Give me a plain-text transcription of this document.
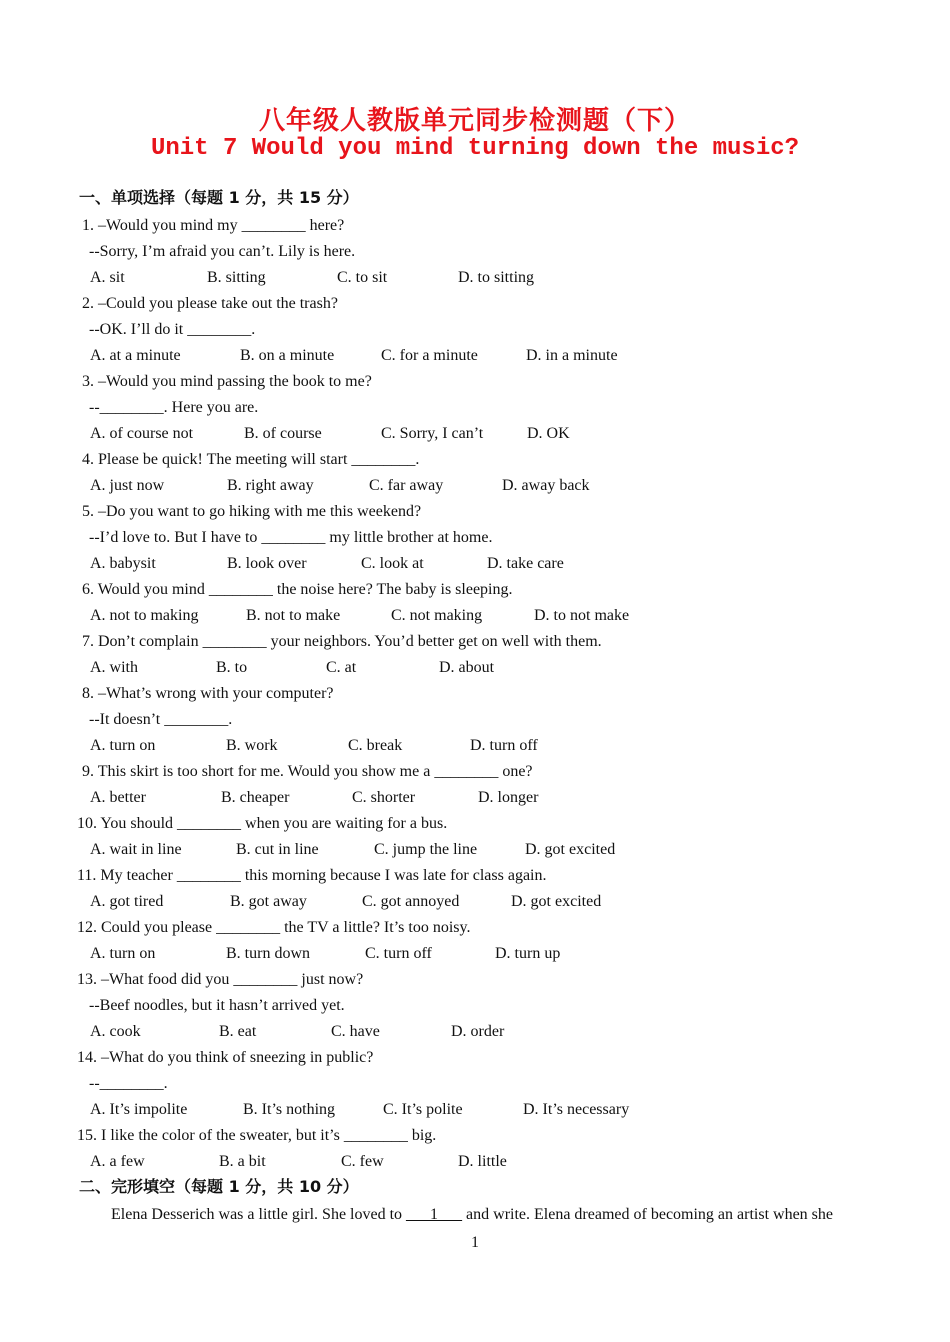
八年级人教版单元同步检测题（下）
Unit 7 Would you mind turning down the music?
一、单项选择（每题 1 分，共 15 分）
1. –Would you mind my ________ here?
--Sorry, I’m afraid you can’t. Lily is here.
A. sit	B. sitting	C. to sit	D. to sitting
2. –Could you please take out the trash?
--OK. I’ll do it ________.
A. at a minute	B. on a minute	C. for a minute	D. in a minute
3. –Would you mind passing the book to me?
--________. Here you are.
A. of course not	B. of course	C. Sorry, I can’t	D. OK
4. Please be quick! The meeting will start ________.
A. just now	B. right away	C. far away	D. away back
5. –Do you want to go hiking with me this weekend?
--I’d love to. But I have to ________ my little brother at home.
A. babysit	B. look over	C. look at	D. take care
6. Would you mind ________ the noise here? The baby is sleeping.
A. not to making	B. not to make	C. not making	D. to not make
7. Don’t complain ________ your neighbors. You’d better get on well with them.
A. with	B. to	C. at	D. about
8. –What’s wrong with your computer?
--It doesn’t ________.
A. turn on	B. work	C. break	D. turn off
9. This skirt is too short for me. Would you show me a ________ one?
A. better	B. cheaper	C. shorter	D. longer
10. You should ________ when you are waiting for a bus.
A. wait in line	B. cut in line	C. jump the line	D. got excited
11. My teacher ________ this morning because I was late for class again.
A. got tired	B. got away	C. got annoyed	D. got excited
12. Could you please ________ the TV a little? It’s too noisy.
A. turn on	B. turn down	C. turn off	D. turn up
13. –What food did you ________ just now?
--Beef noodles, but it hasn’t arrived yet.
A. cook	B. eat	C. have	D. order
14. –What do you think of sneezing in public?
--________.
A. It’s impolite	B. It’s nothing	C. It’s polite	D. It’s necessary
15. I like the color of the sweater, but it’s ________ big.
A. a few	B. a bit	C. few	D. little
二、完形填空（每题 1 分，共 10 分）
Elena Desserich was a little girl. She loved to ___1___ and write. Elena dreamed of becoming an artist when she
1
